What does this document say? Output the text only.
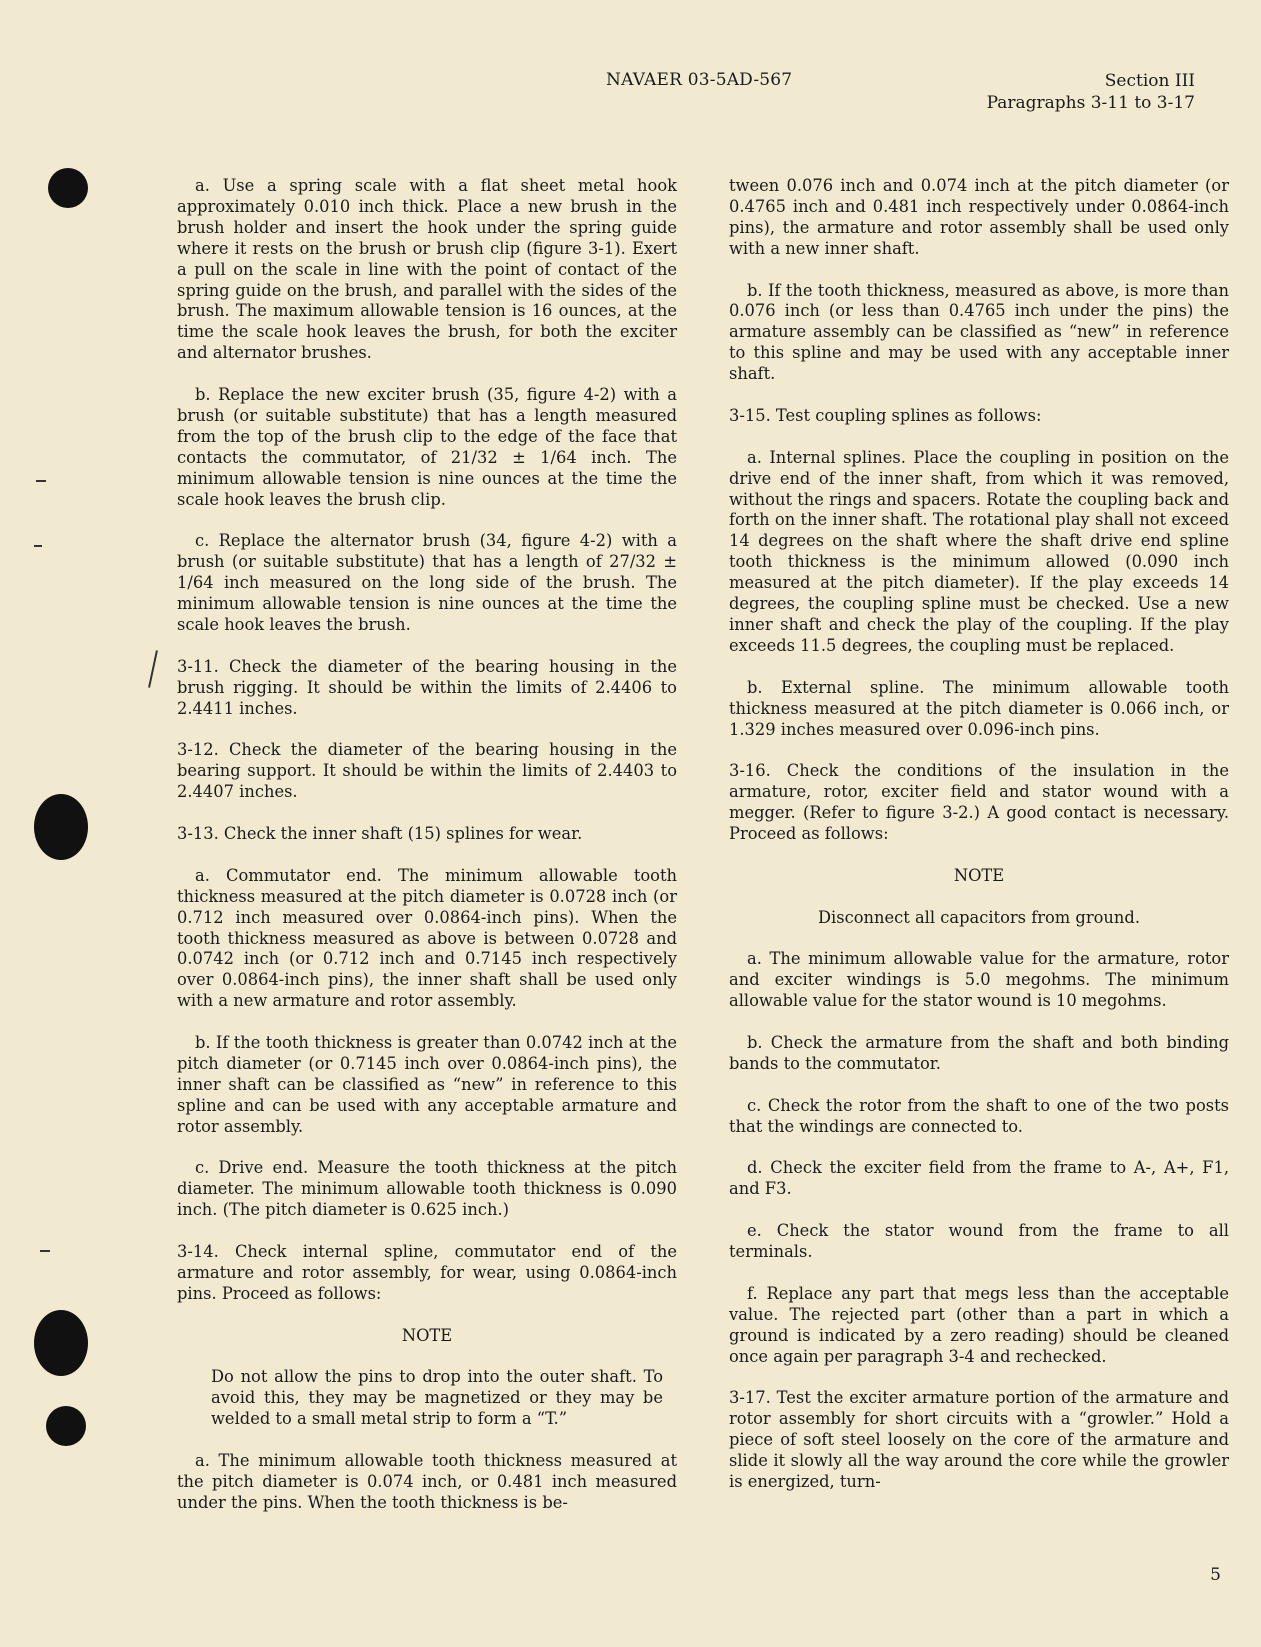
NAVAER 03-5AD-567	Section III
Paragraphs 3-11 to 3-17

a. Use a spring scale with a flat sheet metal hook approximately 0.010 inch thick. Place a new brush in the brush holder and insert the hook under the spring guide where it rests on the brush or brush clip (figure 3-1). Exert a pull on the scale in line with the point of contact of the spring guide on the brush, and parallel with the sides of the brush. The maximum allowable tension is 16 ounces, at the time the scale hook leaves the brush, for both the exciter and alternator brushes.

b. Replace the new exciter brush (35, figure 4-2) with a brush (or suitable substitute) that has a length measured from the top of the brush clip to the edge of the face that contacts the commutator, of 21/32 ± 1/64 inch. The minimum allowable tension is nine ounces at the time the scale hook leaves the brush clip.

c. Replace the alternator brush (34, figure 4-2) with a brush (or suitable substitute) that has a length of 27/32 ± 1/64 inch measured on the long side of the brush. The minimum allowable tension is nine ounces at the time the scale hook leaves the brush.

3-11. Check the diameter of the bearing housing in the brush rigging. It should be within the limits of 2.4406 to 2.4411 inches.

3-12. Check the diameter of the bearing housing in the bearing support. It should be within the limits of 2.4403 to 2.4407 inches.

3-13. Check the inner shaft (15) splines for wear.

a. Commutator end. The minimum allowable tooth thickness measured at the pitch diameter is 0.0728 inch (or 0.712 inch measured over 0.0864-inch pins). When the tooth thickness measured as above is between 0.0728 and 0.0742 inch (or 0.712 inch and 0.7145 inch respectively over 0.0864-inch pins), the inner shaft shall be used only with a new armature and rotor assembly.

b. If the tooth thickness is greater than 0.0742 inch at the pitch diameter (or 0.7145 inch over 0.0864-inch pins), the inner shaft can be classified as “new” in reference to this spline and can be used with any acceptable armature and rotor assembly.

c. Drive end. Measure the tooth thickness at the pitch diameter. The minimum allowable tooth thickness is 0.090 inch. (The pitch diameter is 0.625 inch.)

3-14. Check internal spline, commutator end of the armature and rotor assembly, for wear, using 0.0864-inch pins. Proceed as follows:

NOTE
Do not allow the pins to drop into the outer shaft. To avoid this, they may be magnetized or they may be welded to a small metal strip to form a “T.”

a. The minimum allowable tooth thickness measured at the pitch diameter is 0.074 inch, or 0.481 inch measured under the pins. When the tooth thickness is be-

tween 0.076 inch and 0.074 inch at the pitch diameter (or 0.4765 inch and 0.481 inch respectively under 0.0864-inch pins), the armature and rotor assembly shall be used only with a new inner shaft.

b. If the tooth thickness, measured as above, is more than 0.076 inch (or less than 0.4765 inch under the pins) the armature assembly can be classified as “new” in reference to this spline and may be used with any acceptable inner shaft.

3-15. Test coupling splines as follows:

a. Internal splines. Place the coupling in position on the drive end of the inner shaft, from which it was removed, without the rings and spacers. Rotate the coupling back and forth on the inner shaft. The rotational play shall not exceed 14 degrees on the shaft where the shaft drive end spline tooth thickness is the minimum allowed (0.090 inch measured at the pitch diameter). If the play exceeds 14 degrees, the coupling spline must be checked. Use a new inner shaft and check the play of the coupling. If the play exceeds 11.5 degrees, the coupling must be replaced.

b. External spline. The minimum allowable tooth thickness measured at the pitch diameter is 0.066 inch, or 1.329 inches measured over 0.096-inch pins.

3-16. Check the conditions of the insulation in the armature, rotor, exciter field and stator wound with a megger. (Refer to figure 3-2.) A good contact is necessary. Proceed as follows:

NOTE
Disconnect all capacitors from ground.

a. The minimum allowable value for the armature, rotor and exciter windings is 5.0 megohms. The minimum allowable value for the stator wound is 10 megohms.

b. Check the armature from the shaft and both binding bands to the commutator.

c. Check the rotor from the shaft to one of the two posts that the windings are connected to.

d. Check the exciter field from the frame to A-, A+, F1, and F3.

e. Check the stator wound from the frame to all terminals.

f. Replace any part that megs less than the acceptable value. The rejected part (other than a part in which a ground is indicated by a zero reading) should be cleaned once again per paragraph 3-4 and rechecked.

3-17. Test the exciter armature portion of the armature and rotor assembly for short circuits with a “growler.” Hold a piece of soft steel loosely on the core of the armature and slide it slowly all the way around the core while the growler is energized, turn-

5
